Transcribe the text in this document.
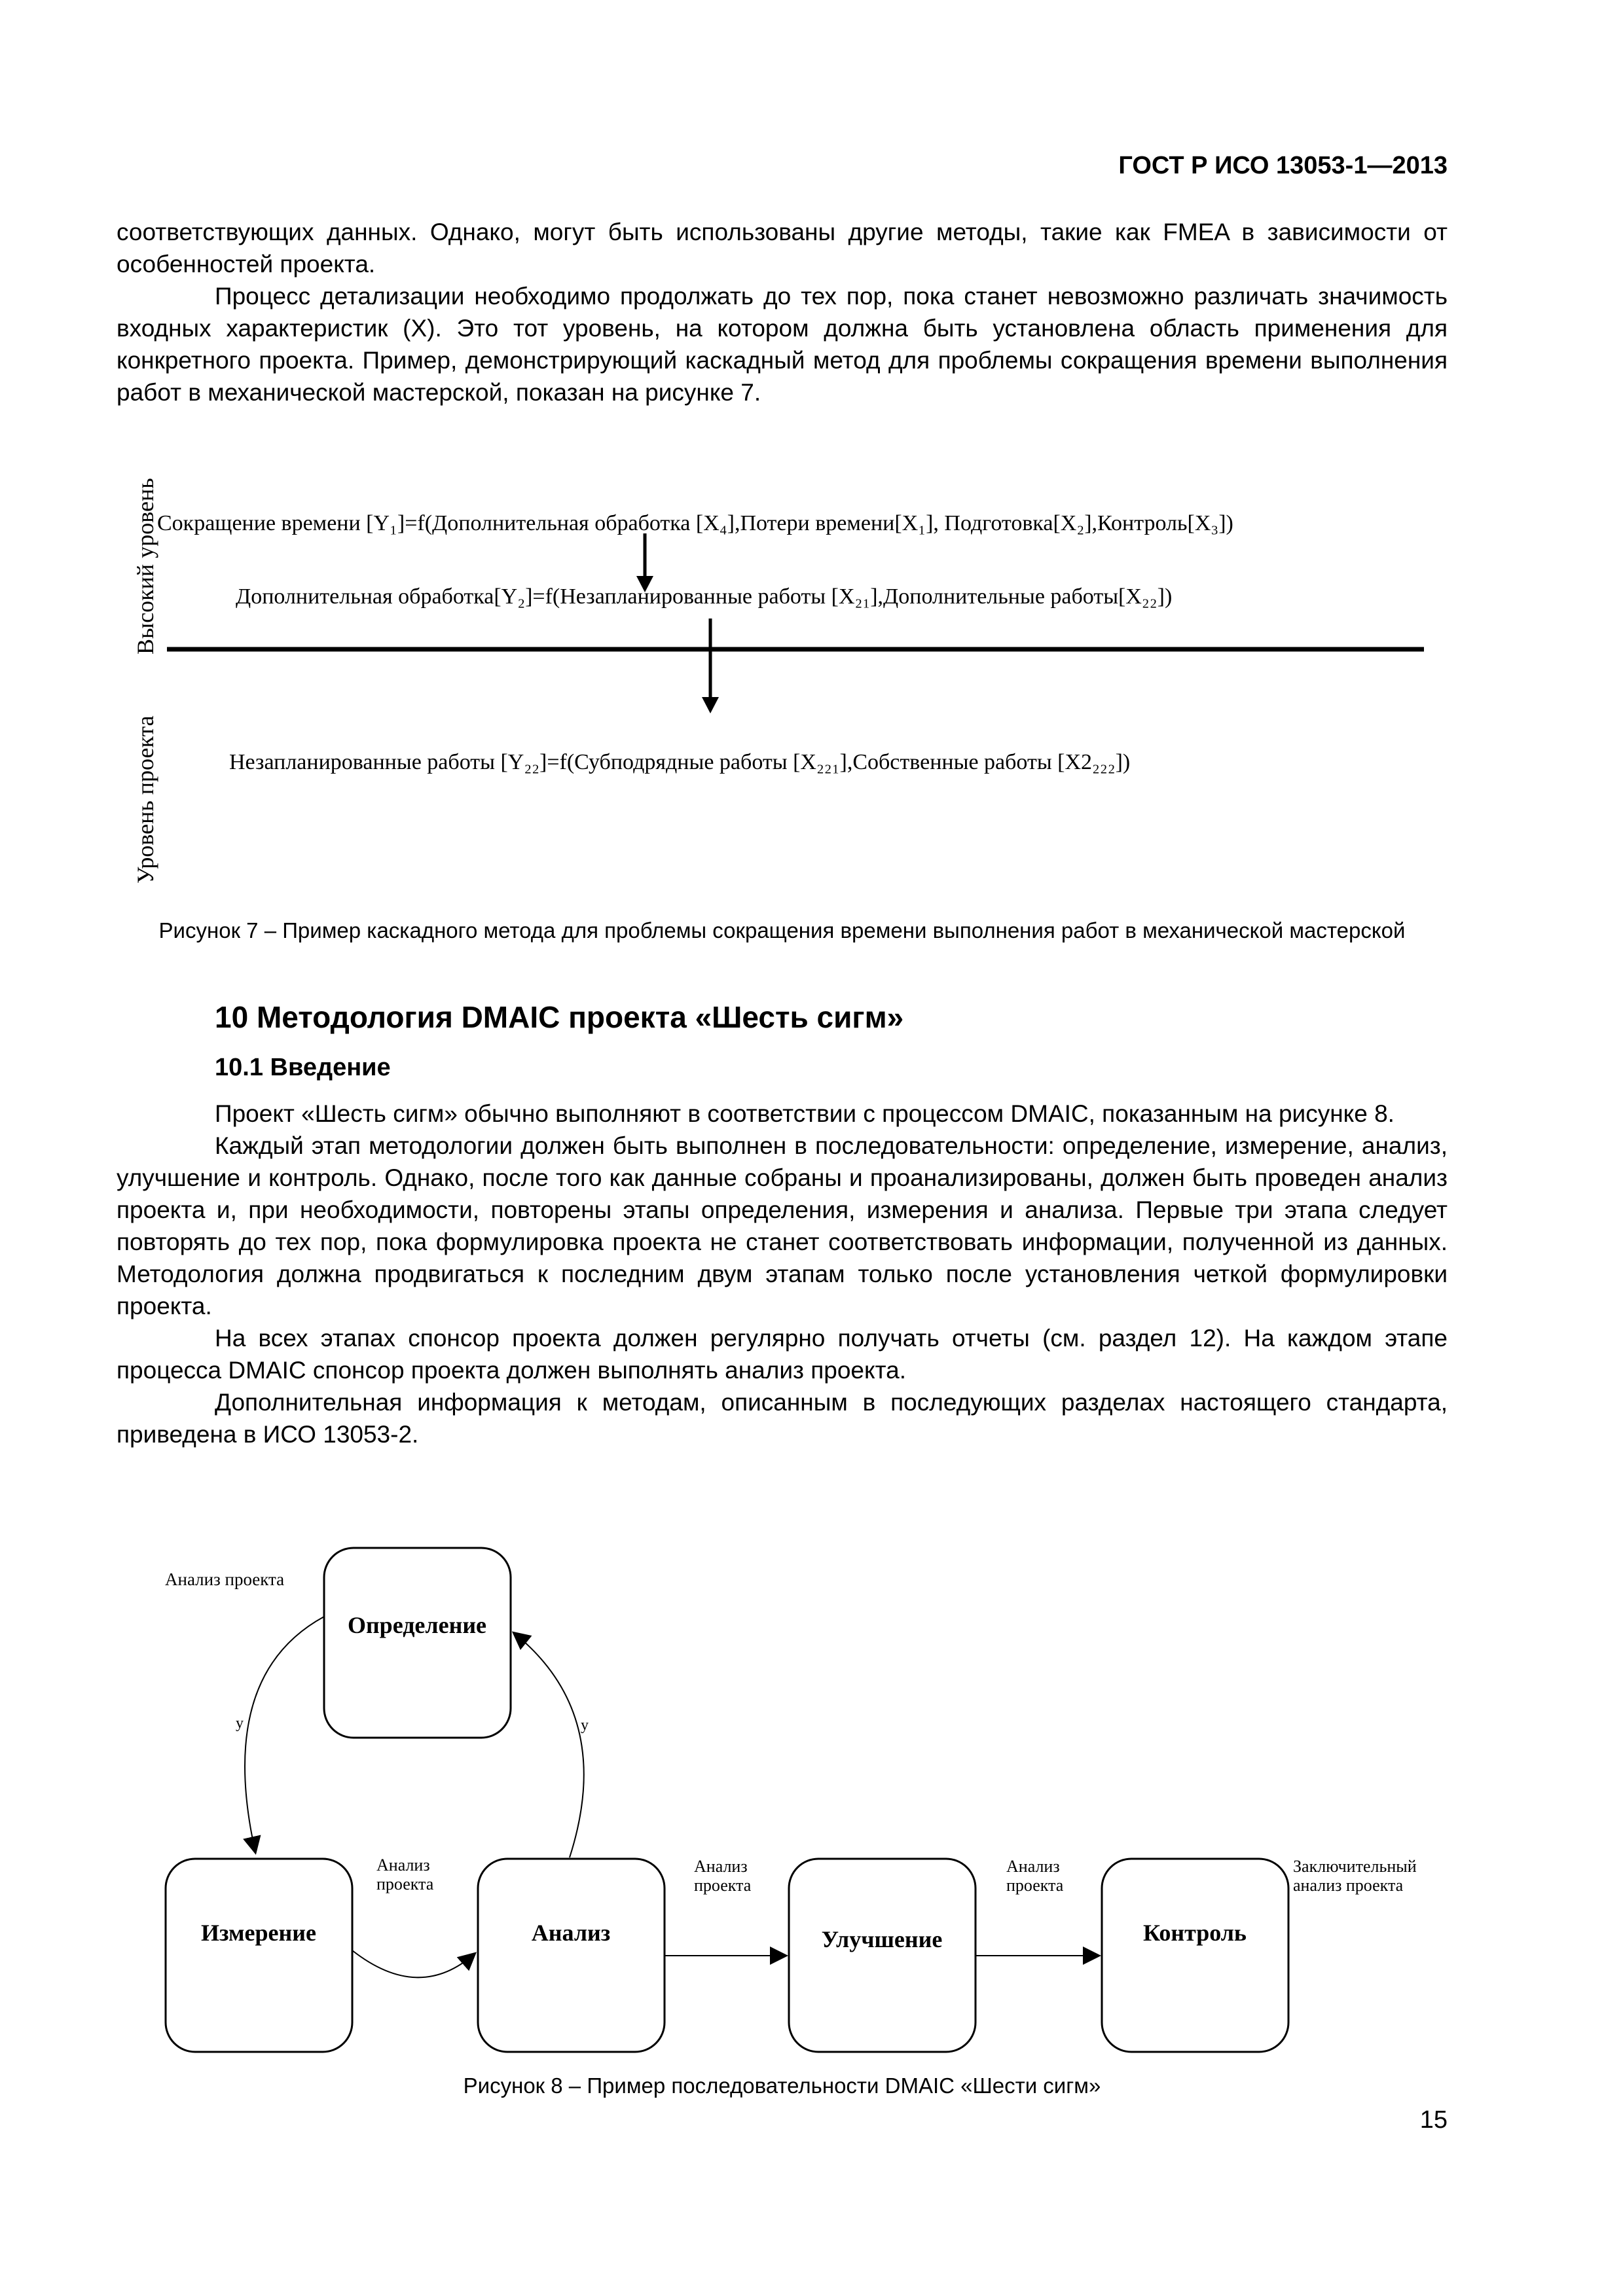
ГОСТ Р ИСО 13053-1—2013

соответствующих данных. Однако, могут быть использованы другие методы, такие как FMEA в зависимости от особенностей проекта.

Процесс детализации необходимо продолжать до тех пор, пока станет невозможно различать значимость входных характеристик (X). Это тот уровень, на котором должна быть установлена область применения для конкретного проекта. Пример, демонстрирующий каскадный метод для проблемы сокращения времени выполнения работ в механической мастерской, показан на рисунке 7.

Высокий уровень
Уровень проекта
Сокращение времени [Y₁]=f(Дополнительная обработка [X₄],Потери времени[X₁], Подготовка[X₂],Контроль[X₃])
Дополнительная обработка[Y₂]=f(Незапланированные работы [X₂₁],Дополнительные работы[X₂₂])
Незапланированные работы [Y₂₂]=f(Субподрядные работы [X₂₂₁],Собственные работы [X2₂₂₂])
Рисунок 7 – Пример каскадного метода для проблемы сокращения времени выполнения работ в механической мастерской
10 Методология DMAIC проекта «Шесть сигм»
10.1 Введение

Проект «Шесть сигм» обычно выполняют в соответствии с процессом DMAIC, показанным на рисунке 8.

Каждый этап методологии должен быть выполнен в последовательности: определение, измерение, анализ, улучшение и контроль. Однако, после того как данные собраны и проанализированы, должен быть проведен анализ проекта и, при необходимости, повторены этапы определения, измерения и анализа. Первые три этапа следует повторять до тех пор, пока формулировка проекта не станет соответствовать информации, полученной из данных. Методология должна продвигаться к последним двум этапам только после установления четкой формулировки проекта.

На всех этапах спонсор проекта должен регулярно получать отчеты (см. раздел 12). На каждом этапе процесса DMAIC спонсор проекта должен выполнять анализ проекта.

Дополнительная информация к методам, описанным в последующих разделах настоящего стандарта, приведена в ИСО 13053-2.

Анализ проекта
Определение
Измерение	Анализ	Улучшение	Контроль
y
Анализ
проекта
y
Анализ
проекта
Анализ
проекта
Заключительный
анализ проекта
Рисунок 8 – Пример последовательности DMAIC «Шести сигм»
15
